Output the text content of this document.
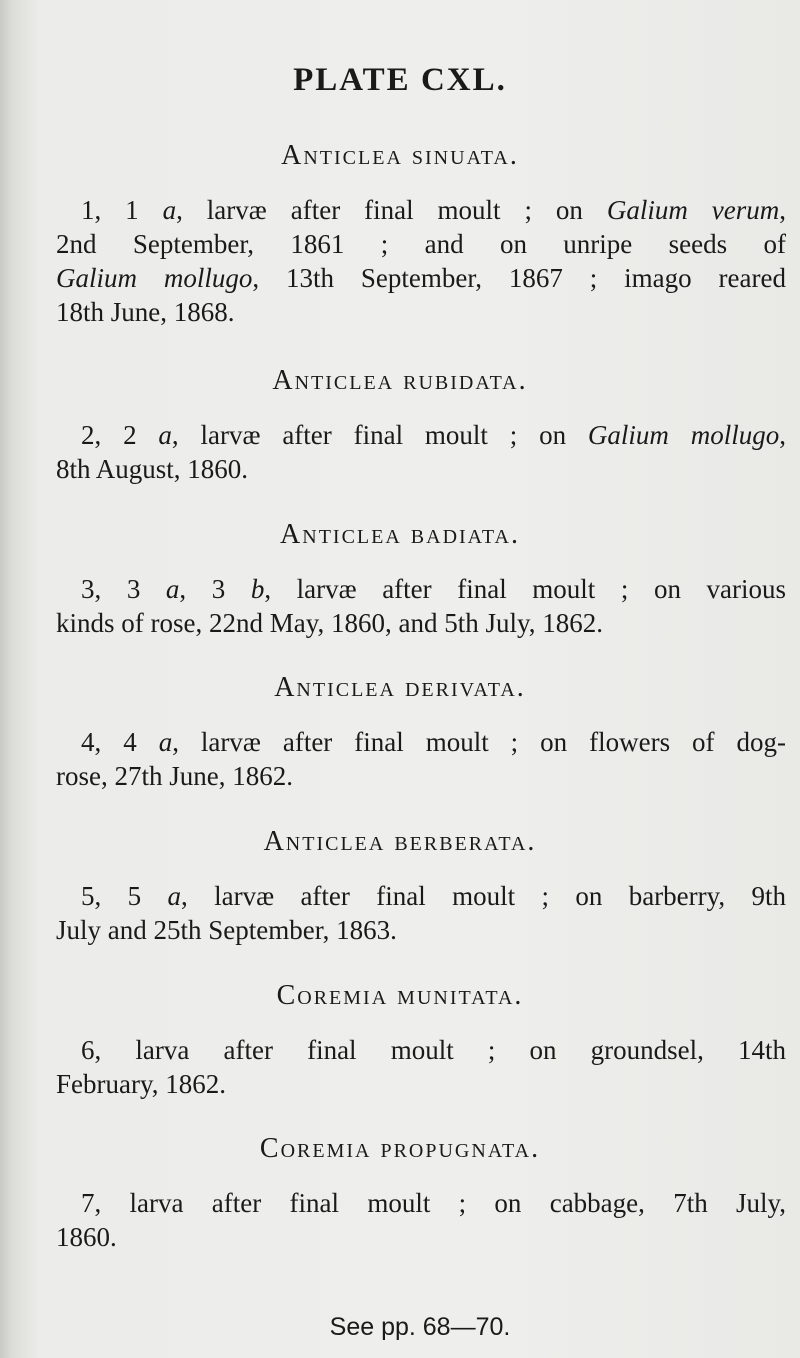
PLATE CXL.
Anticlea sinuata.
1, 1 a, larvæ after final moult ; on Galium verum,
2nd September, 1861 ; and on unripe seeds of
Galium mollugo, 13th September, 1867 ; imago reared
18th June, 1868.
Anticlea rubidata.
2, 2 a, larvæ after final moult ; on Galium mollugo,
8th August, 1860.
Anticlea badiata.
3, 3 a, 3 b, larvæ after final moult ; on various
kinds of rose, 22nd May, 1860, and 5th July, 1862.
Anticlea derivata.
4, 4 a, larvæ after final moult ; on flowers of dog-
rose, 27th June, 1862.
Anticlea berberata.
5, 5 a, larvæ after final moult ; on barberry, 9th
July and 25th September, 1863.
Coremia munitata.
6, larva after final moult ; on groundsel, 14th
February, 1862.
Coremia propugnata.
7, larva after final moult ; on cabbage, 7th July,
1860.
See pp. 68—70.
